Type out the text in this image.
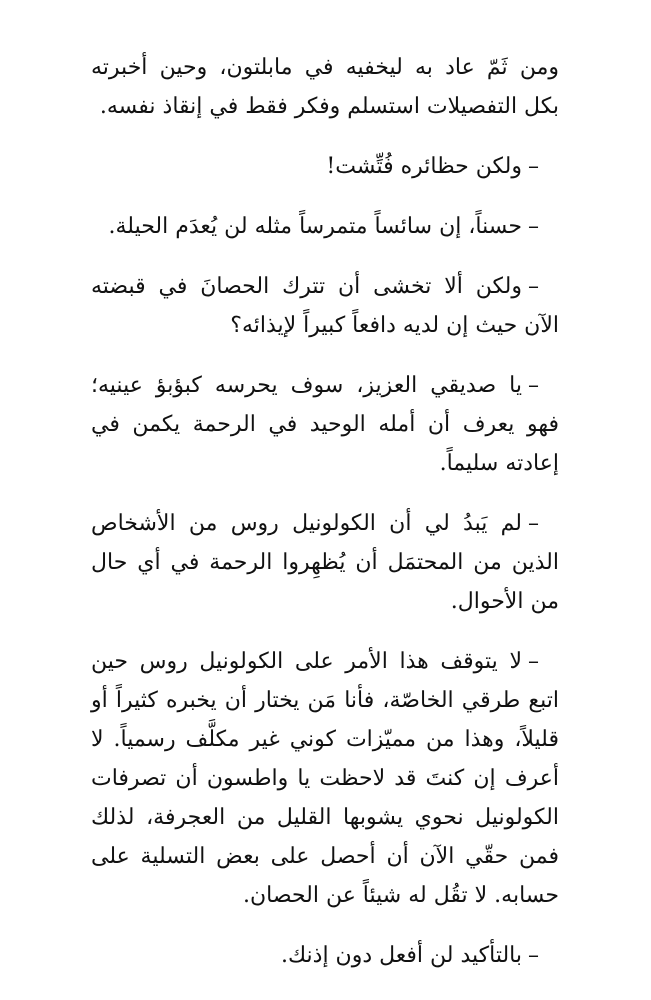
ومن ثَمّ عاد به ليخفيه في مابلتون، وحين أخبرته بكل التفصيلات استسلم وفكر فقط في إنقاذ نفسه.

–ولكن حظائره فُتِّشت!

–حسناً، إن سائساً متمرساً مثله لن يُعدَم الحيلة.

–ولكن ألا تخشى أن تترك الحصانَ في قبضته الآن حيث إن لديه دافعاً كبيراً لإيذائه؟

–يا صديقي العزيز، سوف يحرسه كبؤبؤ عينيه؛ فهو يعرف أن أمله الوحيد في الرحمة يكمن في إعادته سليماً.

–لم يَبدُ لي أن الكولونيل روس من الأشخاص الذين من المحتمَل أن يُظهِروا الرحمة في أي حال من الأحوال.

–لا يتوقف هذا الأمر على الكولونيل روس حين اتبع طرقي الخاصّة، فأنا مَن يختار أن يخبره كثيراً أو قليلاً، وهذا من مميّزات كوني غير مكلَّف رسمياً. لا أعرف إن كنتَ قد لاحظت يا واطسون أن تصرفات الكولونيل نحوي يشوبها القليل من العجرفة، لذلك فمن حقّي الآن أن أحصل على بعض التسلية على حسابه. لا تقُل له شيئاً عن الحصان.

–بالتأكيد لن أفعل دون إذنك.
